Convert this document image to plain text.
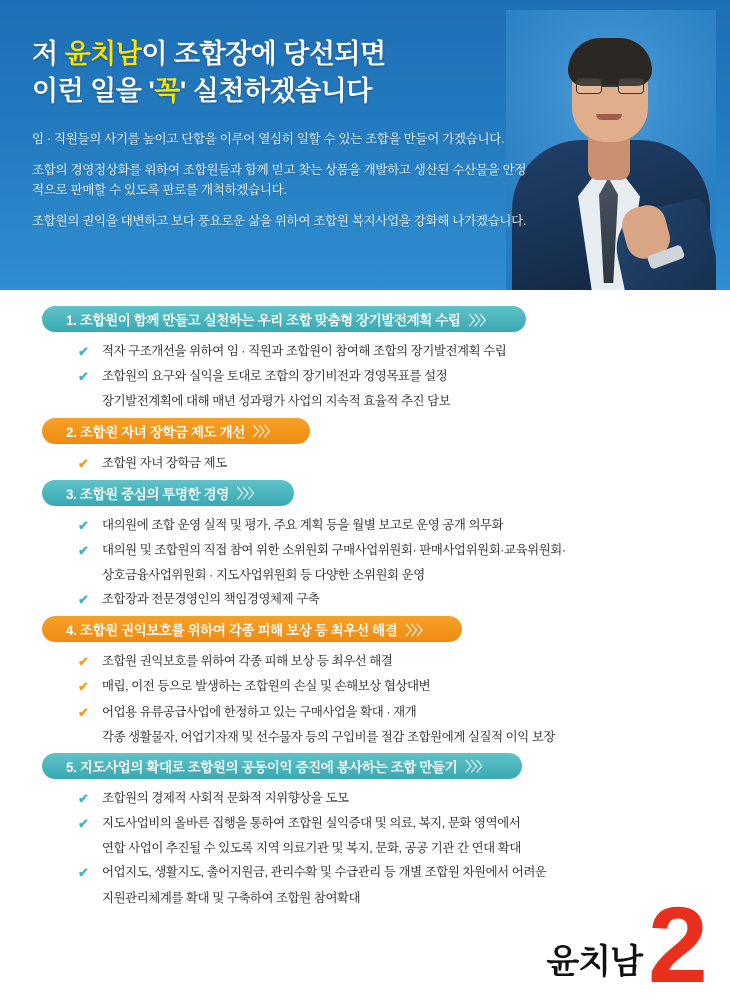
저 윤치남이 조합장에 당선되면
이런 일을 '꼭' 실천하겠습니다

임 · 직원들의 사기를 높이고 단합을 이루어 열심히 일할 수 있는 조합을 만들어 가겠습니다.

조합의 경영정상화를 위하여 조합원들과 함께 믿고 찾는 상품을 개발하고 생산된 수산물을 안정적으로 판매할 수 있도록 판로를 개척하겠습니다.

조합원의 권익을 대변하고 보다 풍요로운 삶을 위하여 조합원 복지사업을 강화해 나가겠습니다.

1. 조합원이 함께 만들고 실천하는 우리 조합 맞춤형 장기발전계획 수립 〉〉〉
✔	적자 구조개선을 위하여 임 · 직원과 조합원이 참여해 조합의 장기발전계획 수립
✔	조합원의 요구와 실익을 토대로 조합의 장기비전과 경영목표를 설정
장기발전계획에 대해 매년 성과평가 사업의 지속적 효율적 추진 담보
2. 조합원 자녀 장학금 제도 개선 〉〉〉
✔	조합원 자녀 장학금 제도
3. 조합원 중심의 투명한 경영 〉〉〉
✔	대의원에 조합 운영 실적 및 평가, 주요 계획 등을 월별 보고로 운영 공개 의무화
✔	대의원 및 조합원의 직접 참여 위한 소위원회 구매사업위원회· 판매사업위원회·교육위원회·
상호금융사업위원회 · 지도사업위원회 등 다양한 소위원회 운영
✔	조합장과 전문경영인의 책임경영체제 구축
4. 조합원 권익보호를 위하여 각종 피해 보상 등 최우선 해결 〉〉〉
✔	조합원 권익보호를 위하여 각종 피해 보상 등 최우선 해결
✔	매립, 이전 등으로 발생하는 조합원의 손실 및 손해보상 협상대변
✔	어업용 유류공급사업에 한정하고 있는 구매사업을 확대 · 재개
각종 생활물자, 어업기자재 및 선수물자 등의 구입비를 절감 조합원에게 실질적 이익 보장
5. 지도사업의 확대로 조합원의 공동이익 증진에 봉사하는 조합 만들기 〉〉〉
✔	조합원의 경제적 사회적 문화적 지위향상을 도모
✔	지도사업비의 올바른 집행을 통하여 조합원 실익증대 및 의료, 복지, 문화 영역에서
연합 사업이 추진될 수 있도록 지역 의료기관 및 복지, 문화, 공공 기관 간 연대 확대
✔	어업지도, 생활지도, 출어지원금, 관리수확 및 수급관리 등 개별 조합원 차원에서 어려운
지원관리체계를 확대 및 구축하여 조합원 참여확대
윤치남 2
